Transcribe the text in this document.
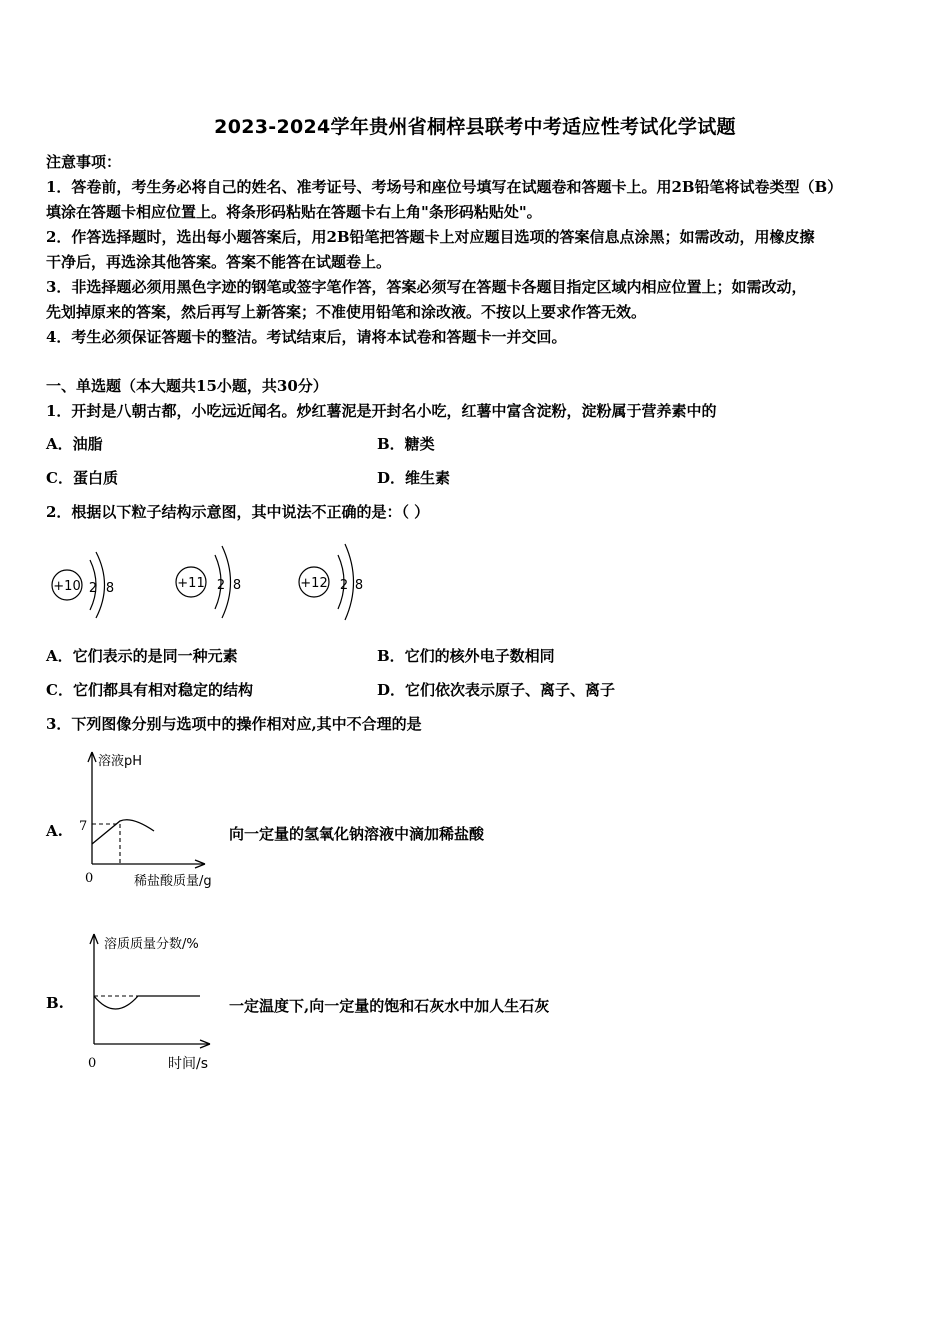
2023-2024学年贵州省桐梓县联考中考适应性考试化学试题
注意事项：
1．答卷前，考生务必将自己的姓名、准考证号、考场号和座位号填写在试题卷和答题卡上。用2B铅笔将试卷类型（B）
填涂在答题卡相应位置上。将条形码粘贴在答题卡右上角"条形码粘贴处"。
2．作答选择题时，选出每小题答案后，用2B铅笔把答题卡上对应题目选项的答案信息点涂黑；如需改动，用橡皮擦
干净后，再选涂其他答案。答案不能答在试题卷上。
3．非选择题必须用黑色字迹的钢笔或签字笔作答，答案必须写在答题卡各题目指定区域内相应位置上；如需改动，
先划掉原来的答案，然后再写上新答案；不准使用铅笔和涂改液。不按以上要求作答无效。
4．考生必须保证答题卡的整洁。考试结束后，请将本试卷和答题卡一并交回。
一、单选题（本大题共15小题，共30分）
1．开封是八朝古都，小吃远近闻名。炒红薯泥是开封名小吃，红薯中富含淀粉，淀粉属于营养素中的
A．油脂	B．糖类
C．蛋白质	D．维生素
2．根据以下粒子结构示意图，其中说法不正确的是：（ ）
+10 2 8	+11 2 8	+12 2 8
A．它们表示的是同一种元素	B．它们的核外电子数相同
C．它们都具有相对稳定的结构	D．它们依次表示原子、离子、离子
3．下列图像分别与选项中的操作相对应,其中不合理的是
A.
溶液pH
7
0	稀盐酸质量/g
向一定量的氢氧化钠溶液中滴加稀盐酸
B.
溶质质量分数/%
0	时间/s
一定温度下,向一定量的饱和石灰水中加人生石灰
